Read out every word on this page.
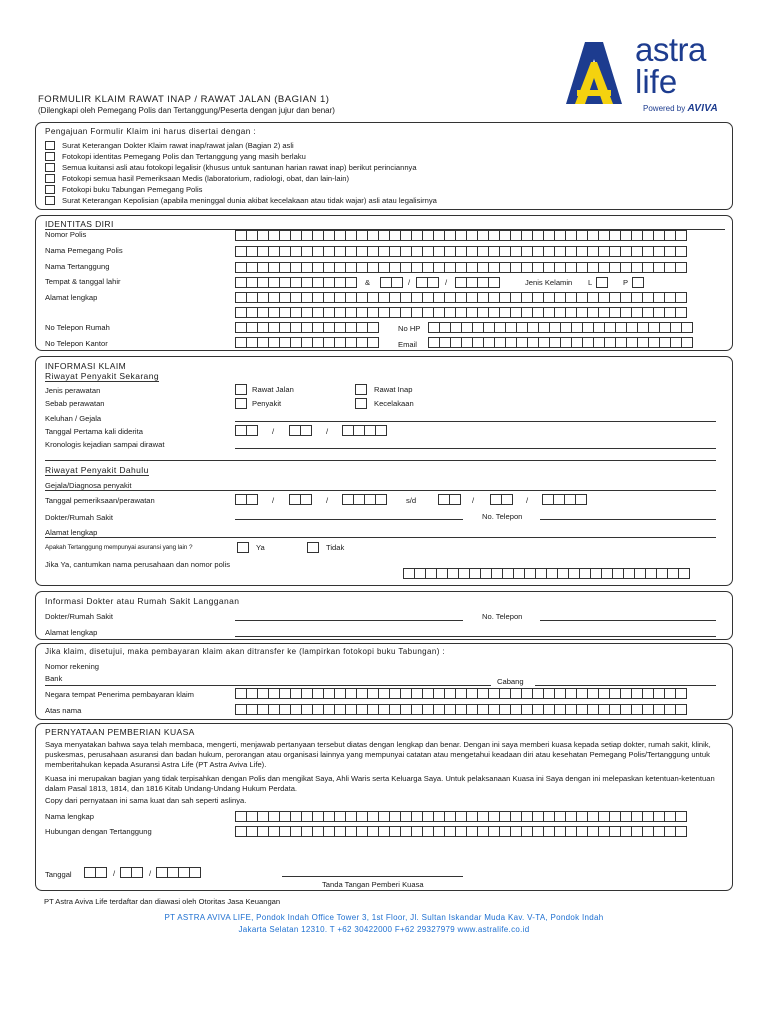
astra
life
Powered by AVIVA
FORMULIR KLAIM RAWAT INAP / RAWAT JALAN (BAGIAN 1)
(Dilengkapi oleh Pemegang Polis dan Tertanggung/Peserta dengan jujur dan benar)
Pengajuan Formulir Klaim ini harus disertai dengan :
Surat Keterangan Dokter Klaim rawat inap/rawat jalan (Bagian 2) asli
Fotokopi identitas Pemegang Polis dan Tertanggung yang masih berlaku
Semua kuitansi asli atau fotokopi legalisir (khusus untuk santunan harian rawat inap) berikut perinciannya
Fotokopi semua hasil Pemeriksaan Medis (laboratorium, radiologi, obat, dan lain-lain)
Fotokopi buku Tabungan Pemegang Polis
Surat Keterangan Kepolisian (apabila meninggal dunia akibat kecelakaan atau tidak wajar) asli atau legalisirnya
IDENTITAS DIRI
Nomor Polis
Nama Pemegang Polis
Nama Tertanggung
Tempat & tanggal lahir	&	/	/	Jenis Kelamin L	P
Alamat lengkap
No Telepon Rumah	No HP
No Telepon Kantor	Email
INFORMASI KLAIM
Riwayat Penyakit Sekarang
Jenis perawatan	Rawat Jalan	Rawat Inap
Sebab perawatan	Penyakit	Kecelakaan
Keluhan / Gejala
Tanggal Pertama kali diderita	/	/
Kronologis kejadian sampai dirawat
Riwayat Penyakit Dahulu
Gejala/Diagnosa penyakit
Tanggal pemeriksaan/perawatan	/	/	s/d	/	/
Dokter/Rumah Sakit	No. Telepon
Alamat lengkap
Apakah Tertanggung mempunyai asuransi yang lain ?	Ya	Tidak
Jika Ya, cantumkan nama perusahaan dan nomor polis
Informasi Dokter atau Rumah Sakit Langganan
Dokter/Rumah Sakit	No. Telepon
Alamat lengkap
Jika klaim, disetujui, maka pembayaran klaim akan ditransfer ke (lampirkan fotokopi buku Tabungan) :
Nomor rekening
Bank	Cabang
Negara tempat Penerima pembayaran klaim
Atas nama
PERNYATAAN PEMBERIAN KUASA
Saya menyatakan bahwa saya telah membaca, mengerti, menjawab pertanyaan tersebut diatas dengan lengkap dan benar. Dengan ini saya memberi kuasa kepada setiap dokter, rumah sakit, klinik, puskesmas, perusahaan asuransi dan badan hukum, perorangan atau organisasi lainnya yang mempunyai catatan atau mengetahui keadaan diri atau kesehatan Pemegang Polis/Tertanggung untuk memberitahukan kepada Asuransi Astra Life (PT Astra Aviva Life).
Kuasa ini merupakan bagian yang tidak terpisahkan dengan Polis dan mengikat Saya, Ahli Waris serta Keluarga Saya. Untuk pelaksanaan Kuasa ini Saya dengan ini melepaskan ketentuan-ketentuan dalam Pasal 1813, 1814, dan 1816 Kitab Undang-Undang Hukum Perdata.
Copy dari pernyataan ini sama kuat dan sah seperti aslinya.
Nama lengkap
Hubungan dengan Tertanggung
Tanggal	/	/
Tanda Tangan Pemberi Kuasa
PT Astra Aviva Life terdaftar dan diawasi oleh Otoritas Jasa Keuangan
PT ASTRA AVIVA LIFE, Pondok Indah Office Tower 3, 1st Floor, Jl. Sultan Iskandar Muda Kav. V-TA, Pondok Indah
Jakarta Selatan 12310. T +62 30422000 F+62 29327979 www.astralife.co.id
